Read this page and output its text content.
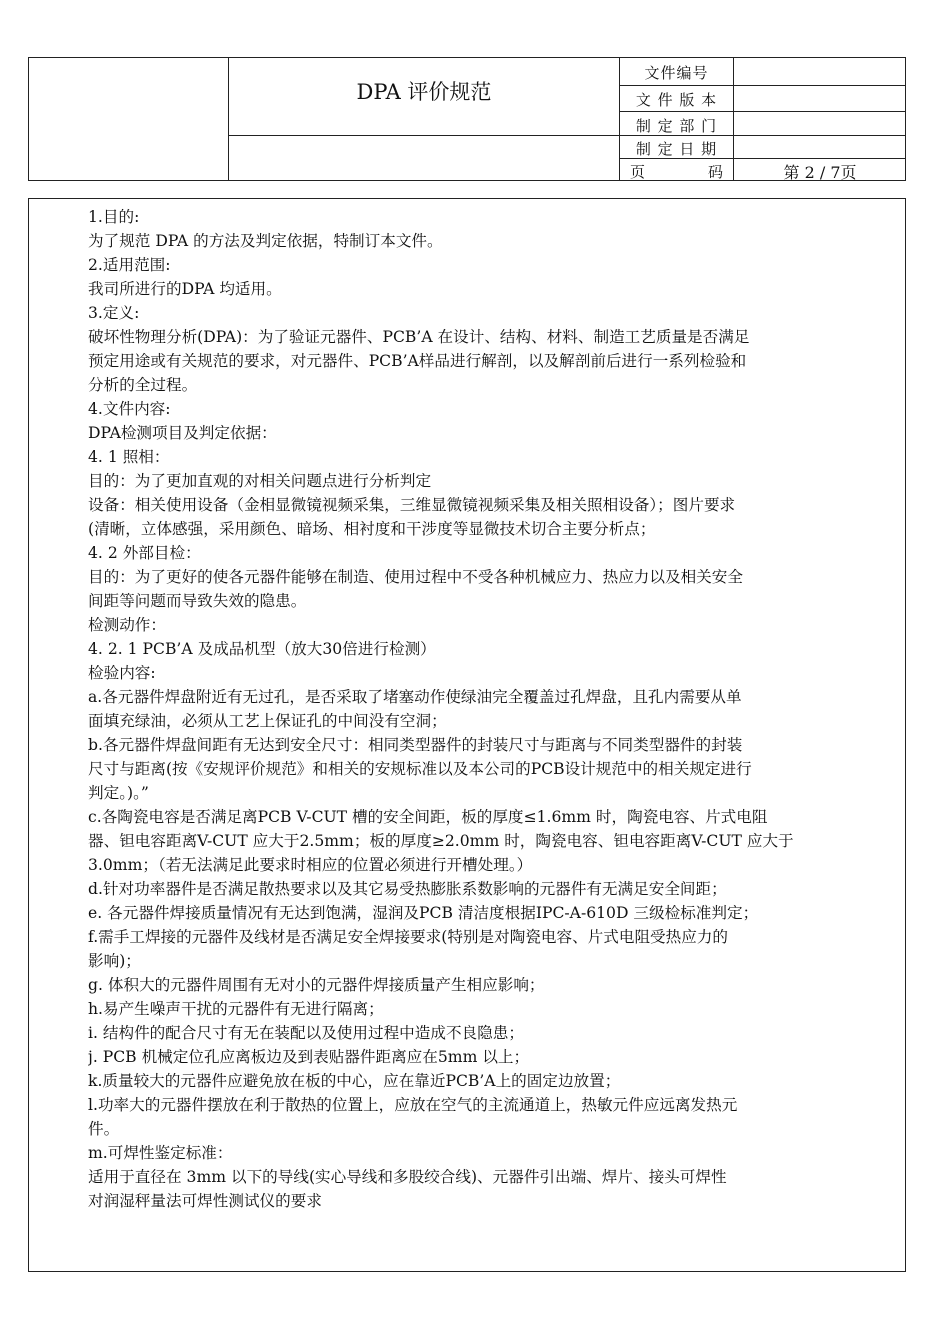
DPA 评价规范
文件编号
文 件 版 本
制 定 部 门
制 定 日 期
页	码	第 2 / 7页
1.目的:
为了规范 DPA 的方法及判定依据，特制订本文件。
2.适用范围:
我司所进行的DPA 均适用。
3.定义:
破坏性物理分析(DPA)：为了验证元器件、PCB’A 在设计、结构、材料、制造工艺质量是否满足
预定用途或有关规范的要求，对元器件、PCB’A样品进行解剖，以及解剖前后进行一系列检验和
分析的全过程。
4.文件内容:
DPA检测项目及判定依据：
4. 1 照相：
目的：为了更加直观的对相关问题点进行分析判定
设备：相关使用设备（金相显微镜视频采集，三维显微镜视频采集及相关照相设备）；图片要求
(清晰，立体感强，采用颜色、暗场、相衬度和干涉度等显微技术切合主要分析点；
4. 2 外部目检：
目的：为了更好的使各元器件能够在制造、使用过程中不受各种机械应力、热应力以及相关安全
间距等问题而导致失效的隐患。
检测动作：
4. 2. 1 PCB’A 及成品机型（放大30倍进行检测）
检验内容:
a.各元器件焊盘附近有无过孔，是否采取了堵塞动作使绿油完全覆盖过孔焊盘，且孔内需要从单
面填充绿油，必须从工艺上保证孔的中间没有空洞；
b.各元器件焊盘间距有无达到安全尺寸：相同类型器件的封装尺寸与距离与不同类型器件的封装
尺寸与距离(按《安规评价规范》和相关的安规标准以及本公司的PCB设计规范中的相关规定进行
判定。)。”
c.各陶瓷电容是否满足离PCB V-CUT 槽的安全间距，板的厚度≤1.6mm 时，陶瓷电容、片式电阻
器、钽电容距离V-CUT 应大于2.5mm；板的厚度≥2.0mm 时，陶瓷电容、钽电容距离V-CUT 应大于
3.0mm；（若无法满足此要求时相应的位置必须进行开槽处理。）
d.针对功率器件是否满足散热要求以及其它易受热膨胀系数影响的元器件有无满足安全间距；
e. 各元器件焊接质量情况有无达到饱满，湿润及PCB 清洁度根据IPC-A-610D 三级检标准判定；
f.需手工焊接的元器件及线材是否满足安全焊接要求(特别是对陶瓷电容、片式电阻受热应力的
影响)；
g. 体积大的元器件周围有无对小的元器件焊接质量产生相应影响；
h.易产生噪声干扰的元器件有无进行隔离；
i. 结构件的配合尺寸有无在装配以及使用过程中造成不良隐患；
j. PCB 机械定位孔应离板边及到表贴器件距离应在5mm 以上；
k.质量较大的元器件应避免放在板的中心，应在靠近PCB’A上的固定边放置；
l.功率大的元器件摆放在利于散热的位置上，应放在空气的主流通道上，热敏元件应远离发热元
件。
m.可焊性鉴定标准：
适用于直径在 3mm 以下的导线(实心导线和多股绞合线)、元器件引出端、焊片、接头可焊性
对润湿秤量法可焊性测试仪的要求
